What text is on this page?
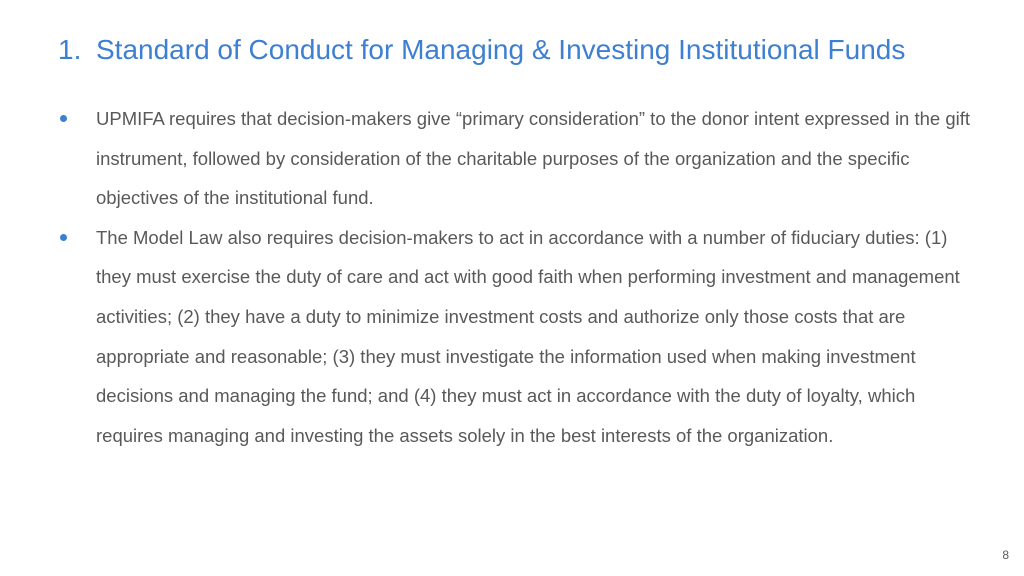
1. Standard of Conduct for Managing & Investing Institutional Funds
UPMIFA requires that decision-makers give “primary consideration” to the donor intent expressed in the gift instrument, followed by consideration of the charitable purposes of the organization and the specific objectives of the institutional fund.
The Model Law also requires decision-makers to act in accordance with a number of fiduciary duties: (1) they must exercise the duty of care and act with good faith when performing investment and management activities; (2) they have a duty to minimize investment costs and authorize only those costs that are appropriate and reasonable; (3) they must investigate the information used when making investment decisions and managing the fund; and (4) they must act in accordance with the duty of loyalty, which requires managing and investing the assets solely in the best interests of the organization.
8
